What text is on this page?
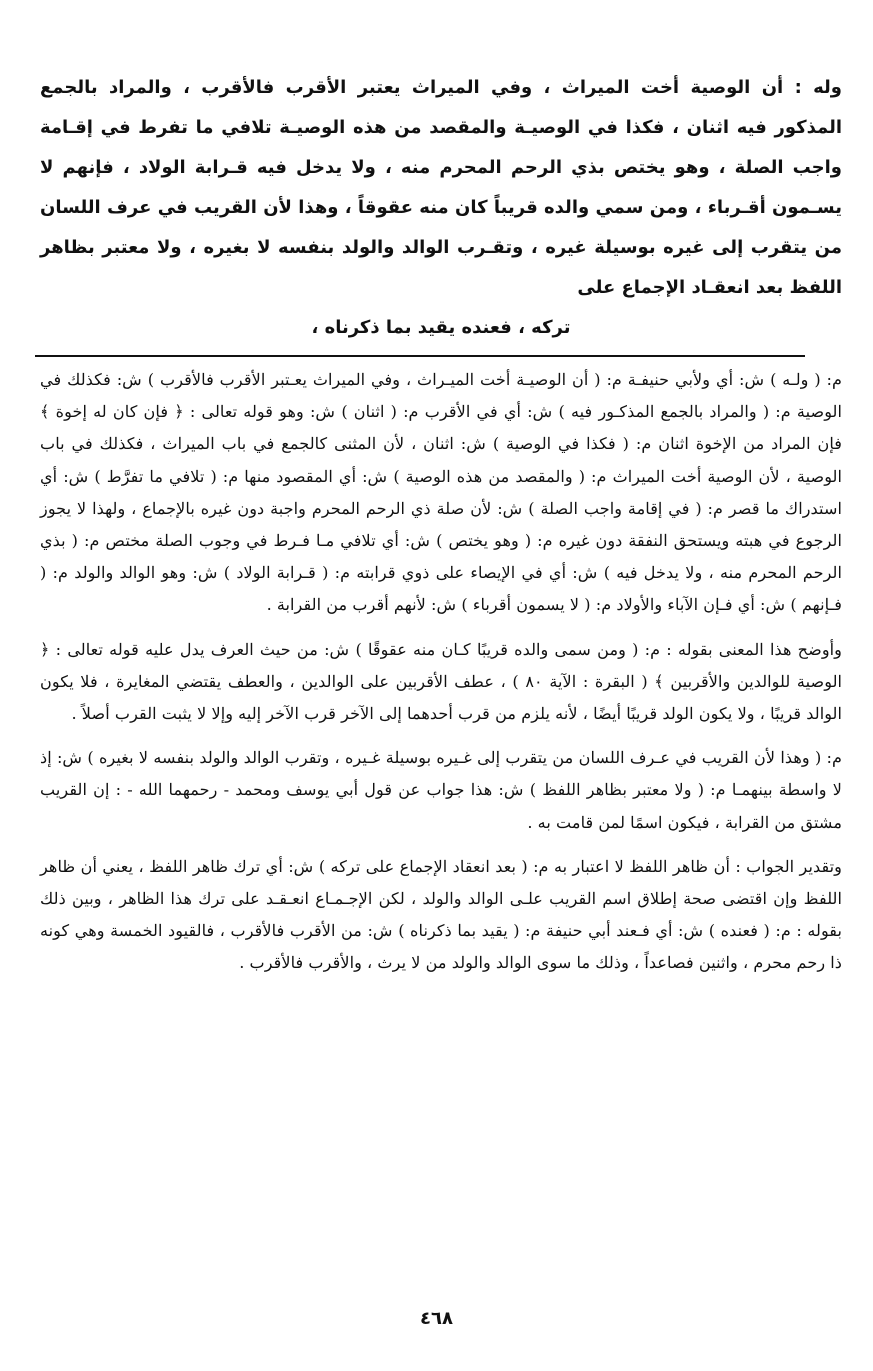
وله : أن الوصية أخت الميراث ، وفي الميراث يعتبر الأقرب فالأقرب ، والمراد بالجمع المذكور فيه اثنان ، فكذا في الوصيـة والمقصد من هذه الوصيـة تلافي ما تفرط في إقـامة واجب الصلة ، وهو يختص بذي الرحم المحرم منه ، ولا يدخل فيه قـرابة الولاد ، فإنهم لا يسـمون أقـرباء ، ومن سمي والده قريباً كان منه عقوقاً ، وهذا لأن القريب في عرف اللسان من يتقرب إلى غيره بوسيلة غيره ، وتقـرب الوالد والولد بنفسه لا بغيره ، ولا معتبر بظاهر اللفظ بعد انعقـاد الإجماع على
تركه ، فعنده يقيد بما ذكرناه ،

م: ( ولـه ) ش: أي ولأبي حنيفـة م: ( أن الوصيـة أخت الميـراث ، وفي الميراث يعـتبر الأقرب فالأقرب ) ش: فكذلك في الوصية م: ( والمراد بالجمع المذكـور فيه ) ش: أي في الأقرب م: ( اثنان ) ش: وهو قوله تعالى : ﴿ فإن كان له إخوة ﴾ فإن المراد من الإخوة اثنان م: ( فكذا في الوصية ) ش: اثنان ، لأن المثنى كالجمع في باب الميراث ، فكذلك في باب الوصية ، لأن الوصية أخت الميراث م: ( والمقصد من هذه الوصية ) ش: أي المقصود منها م: ( تلافي ما تفرَّط ) ش: أي استدراك ما قصر م: ( في إقامة واجب الصلة ) ش: لأن صلة ذي الرحم المحرم واجبة دون غيره بالإجماع ، ولهذا لا يجوز الرجوع في هبته ويستحق النفقة دون غيره م: ( وهو يختص ) ش: أي تلافي مـا فـرط في وجوب الصلة مختص م: ( بذي الرحم المحرم منه ، ولا يدخل فيه ) ش: أي في الإيصاء على ذوي قرابته م: ( قـرابة الولاد ) ش: وهو الوالد والولد م: ( فـإنهم ) ش: أي فـإن الآباء والأولاد م: ( لا يسمون أقرباء ) ش: لأنهم أقرب من القرابة .

وأوضح هذا المعنى بقوله : م: ( ومن سمى والده قريبًا كـان منه عقوقًا ) ش: من حيث العرف يدل عليه قوله تعالى : ﴿ الوصية للوالدين والأقربين ﴾ ( البقرة : الآية ٨٠ ) ، عطف الأقربين على الوالدين ، والعطف يقتضي المغايرة ، فلا يكون الوالد قريبًا ، ولا يكون الولد قريبًا أيضًا ، لأنه يلزم من قرب أحدهما إلى الآخر قرب الآخر إليه وإلا لا يثبت القرب أصلاً .

م: ( وهذا لأن القريب في عـرف اللسان من يتقرب إلى غـيره بوسيلة غـيره ، وتقرب الوالد والولد بنفسه لا بغيره ) ش: إذ لا واسطة بينهمـا م: ( ولا معتبر بظاهر اللفظ ) ش: هذا جواب عن قول أبي يوسف ومحمد - رحمهما الله - : إن القريب مشتق من القرابة ، فيكون اسمًا لمن قامت به .

وتقدير الجواب : أن ظاهر اللفظ لا اعتبار به م: ( بعد انعقاد الإجماع على تركه ) ش: أي ترك ظاهر اللفظ ، يعني أن ظاهر اللفظ وإن اقتضى صحة إطلاق اسم القريب علـى الوالد والولد ، لكن الإجـمـاع انعـقـد على ترك هذا الظاهر ، وبين ذلك بقوله : م: ( فعنده ) ش: أي فـعند أبي حنيفة م: ( يقيد بما ذكرناه ) ش: من الأقرب فالأقرب ، فالقيود الخمسة وهي كونه ذا رحم محرم ، واثنين فصاعداً ، وذلك ما سوى الوالد والولد من لا يرث ، والأقرب فالأقرب .

٤٦٨
